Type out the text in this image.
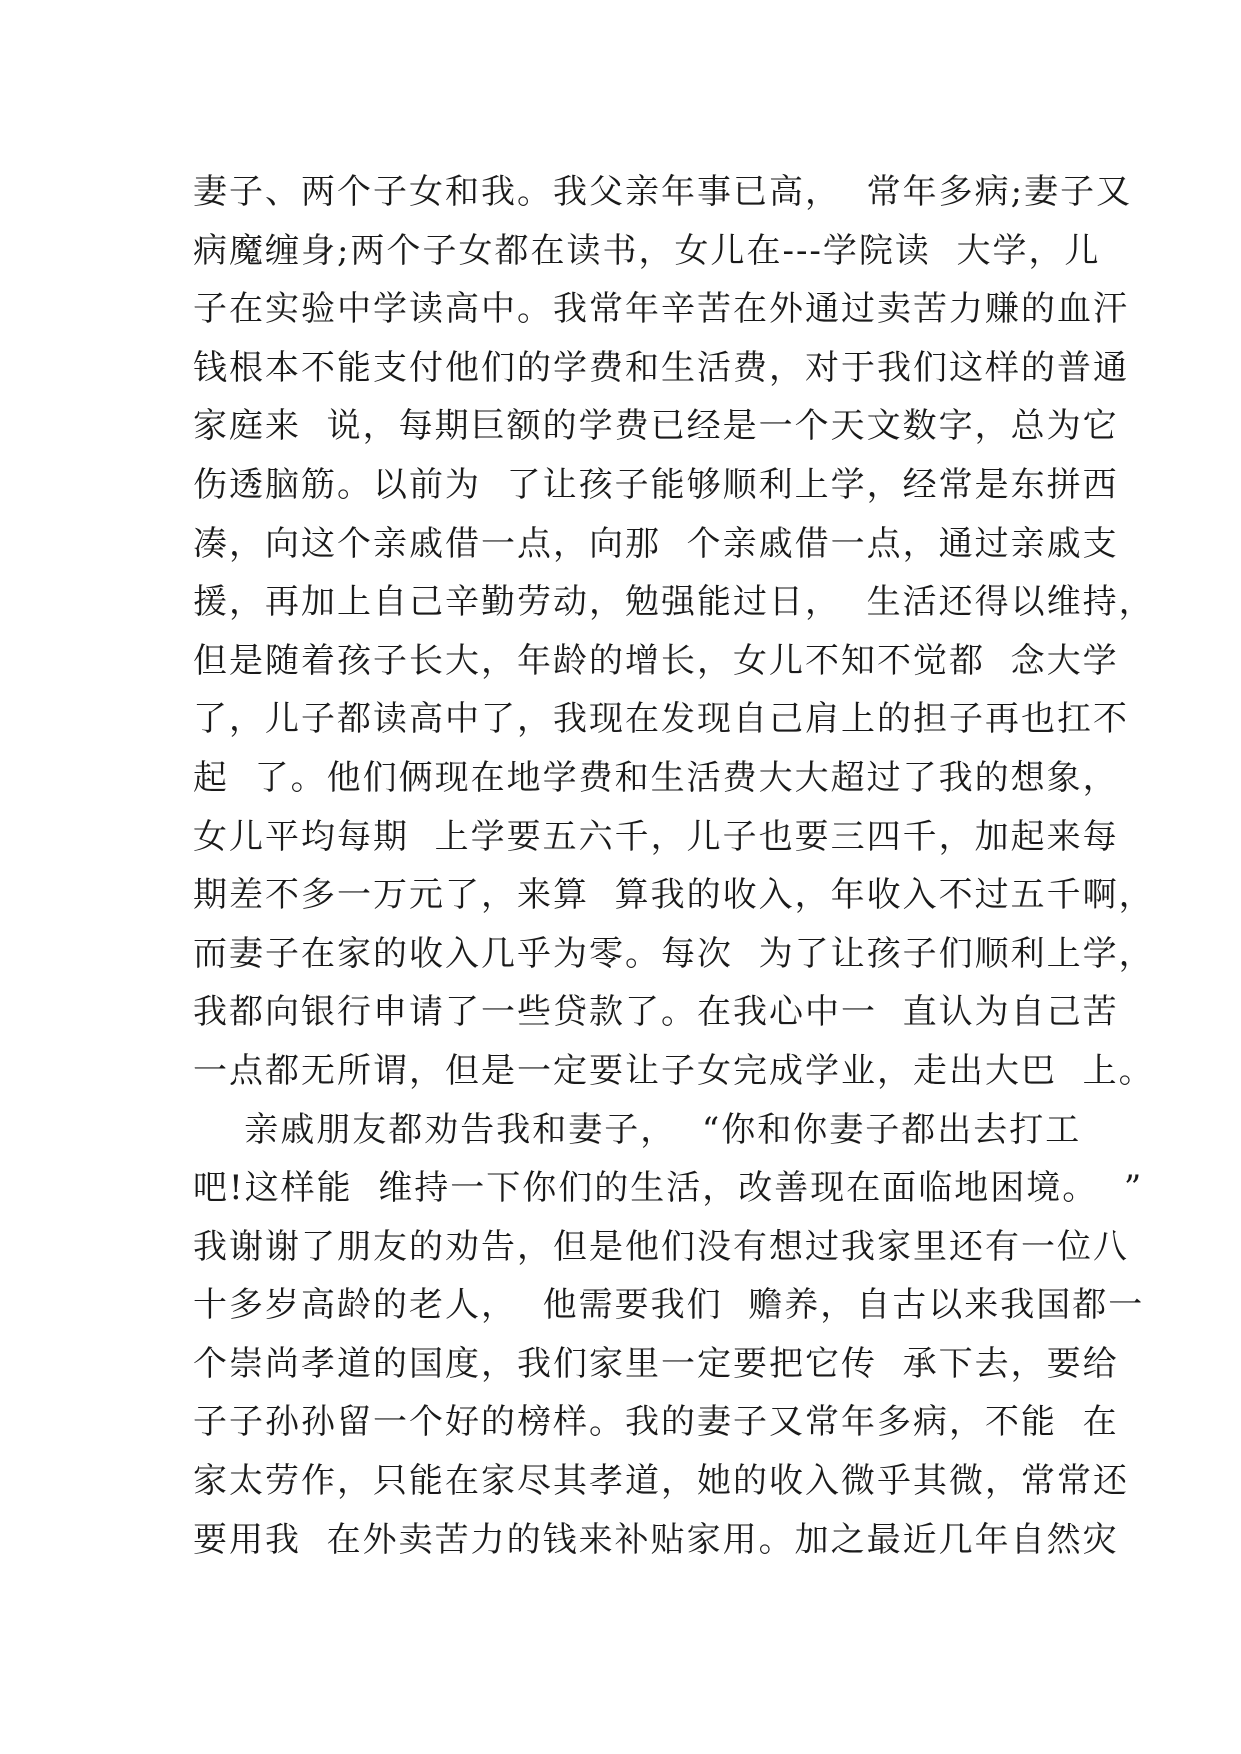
妻子、两个子女和我。我父亲年事已高，  常年多病;妻子又
病魔缠身;两个子女都在读书，女儿在---学院读  大学，儿
子在实验中学读高中。我常年辛苦在外通过卖苦力赚的血汗
钱根本不能支付他们的学费和生活费，对于我们这样的普通
家庭来  说，每期巨额的学费已经是一个天文数字，总为它
伤透脑筋。以前为  了让孩子能够顺利上学，经常是东拼西
凑，向这个亲戚借一点，向那  个亲戚借一点，通过亲戚支
援，再加上自己辛勤劳动，勉强能过日，  生活还得以维持，
但是随着孩子长大，年龄的增长，女儿不知不觉都  念大学
了，儿子都读高中了，我现在发现自己肩上的担子再也扛不
起  了。他们俩现在地学费和生活费大大超过了我的想象，
女儿平均每期  上学要五六千，儿子也要三四千，加起来每
期差不多一万元了，来算  算我的收入，年收入不过五千啊，
而妻子在家的收入几乎为零。每次  为了让孩子们顺利上学，
我都向银行申请了一些贷款了。在我心中一  直认为自己苦
一点都无所谓，但是一定要让子女完成学业，走出大巴  上。
亲戚朋友都劝告我和妻子，  “你和你妻子都出去打工
吧!这样能  维持一下你们的生活，改善现在面临地困境。  ”
我谢谢了朋友的劝告，但是他们没有想过我家里还有一位八
十多岁高龄的老人，  他需要我们  赡养，自古以来我国都一
个崇尚孝道的国度，我们家里一定要把它传  承下去，要给
子子孙孙留一个好的榜样。我的妻子又常年多病，不能  在
家太劳作，只能在家尽其孝道，她的收入微乎其微，常常还
要用我  在外卖苦力的钱来补贴家用。加之最近几年自然灾
